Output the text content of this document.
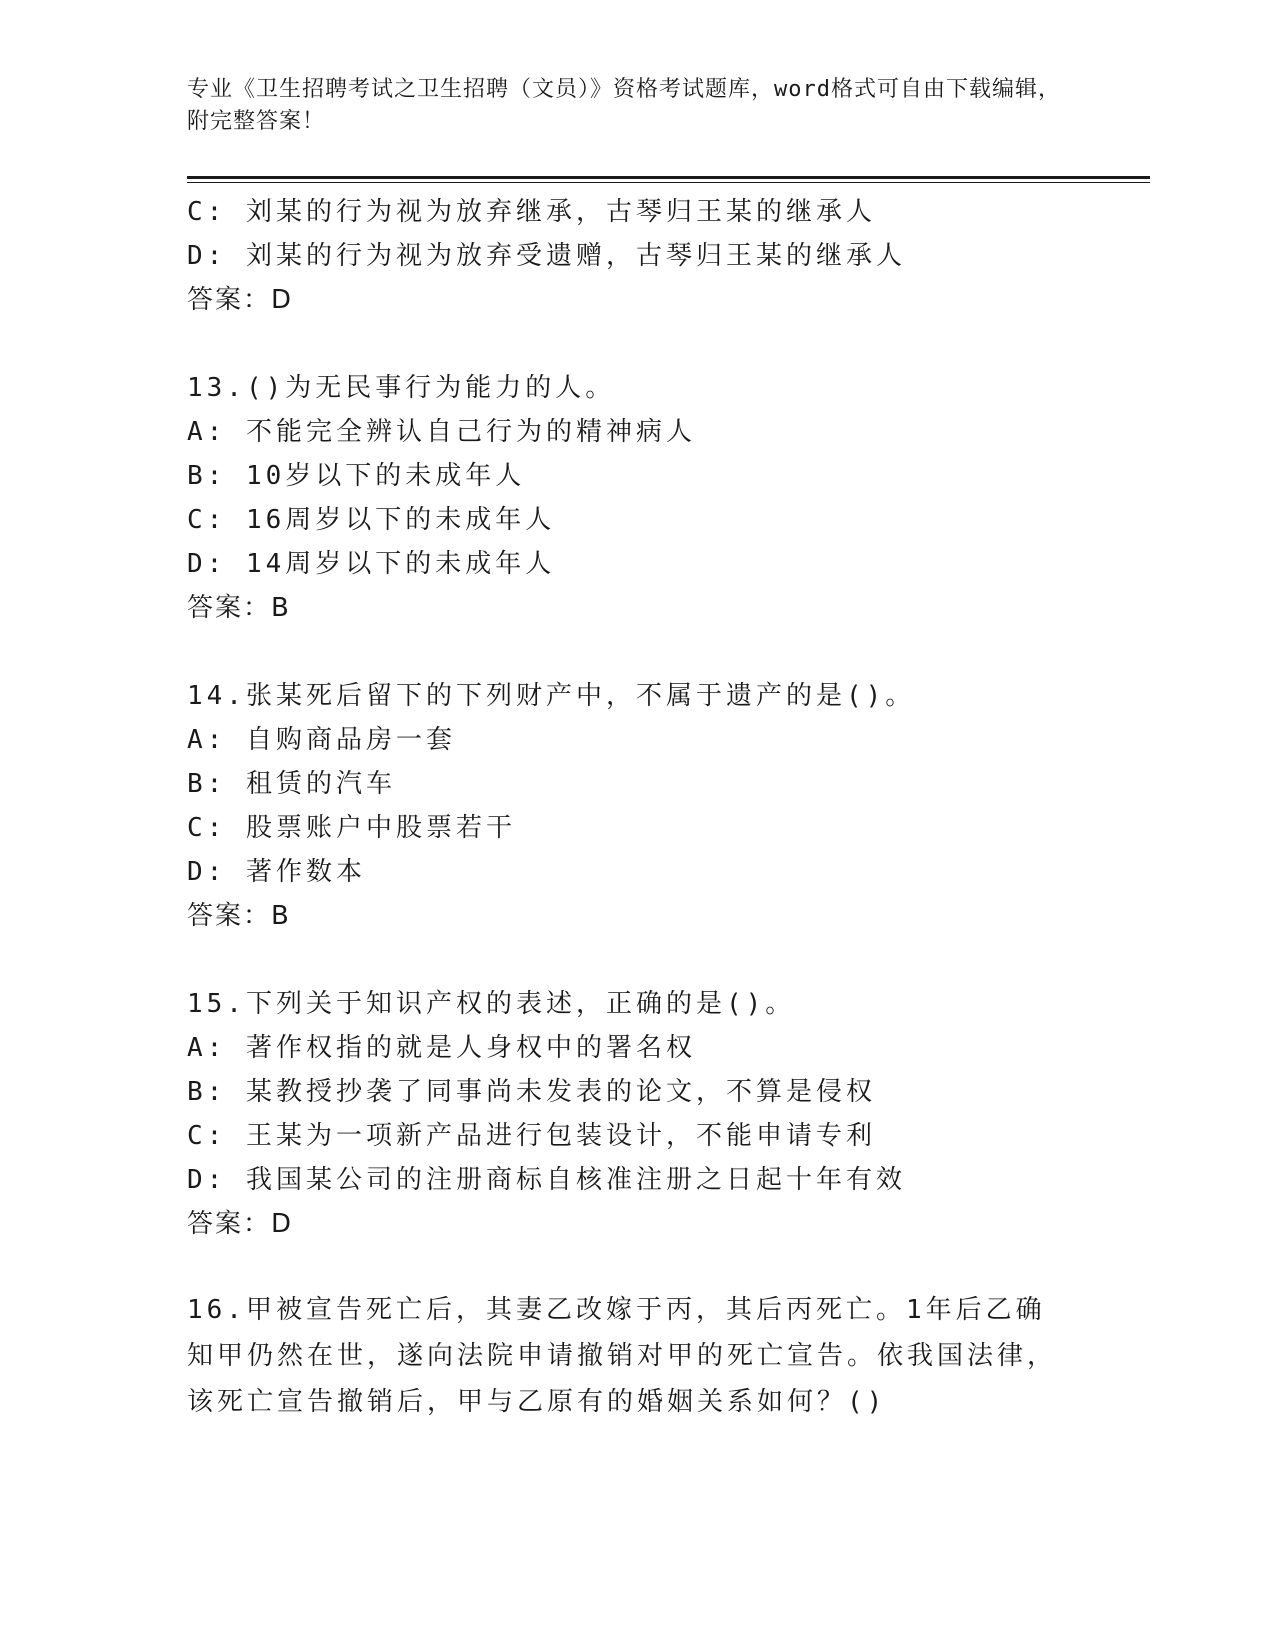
专业《卫生招聘考试之卫生招聘（文员）》资格考试题库，word格式可自由下载编辑，附完整答案！
C: 刘某的行为视为放弃继承，古琴归王某的继承人
D: 刘某的行为视为放弃受遗赠，古琴归王某的继承人
答案：D
13.()为无民事行为能力的人。
A: 不能完全辨认自己行为的精神病人
B: 10岁以下的未成年人
C: 16周岁以下的未成年人
D: 14周岁以下的未成年人
答案：B
14.张某死后留下的下列财产中，不属于遗产的是()。
A: 自购商品房一套
B: 租赁的汽车
C: 股票账户中股票若干
D: 著作数本
答案：B
15.下列关于知识产权的表述，正确的是()。
A: 著作权指的就是人身权中的署名权
B: 某教授抄袭了同事尚未发表的论文，不算是侵权
C: 王某为一项新产品进行包装设计，不能申请专利
D: 我国某公司的注册商标自核准注册之日起十年有效
答案：D
16.甲被宣告死亡后，其妻乙改嫁于丙，其后丙死亡。1年后乙确知甲仍然在世，遂向法院申请撤销对甲的死亡宣告。依我国法律，该死亡宣告撤销后，甲与乙原有的婚姻关系如何？()
